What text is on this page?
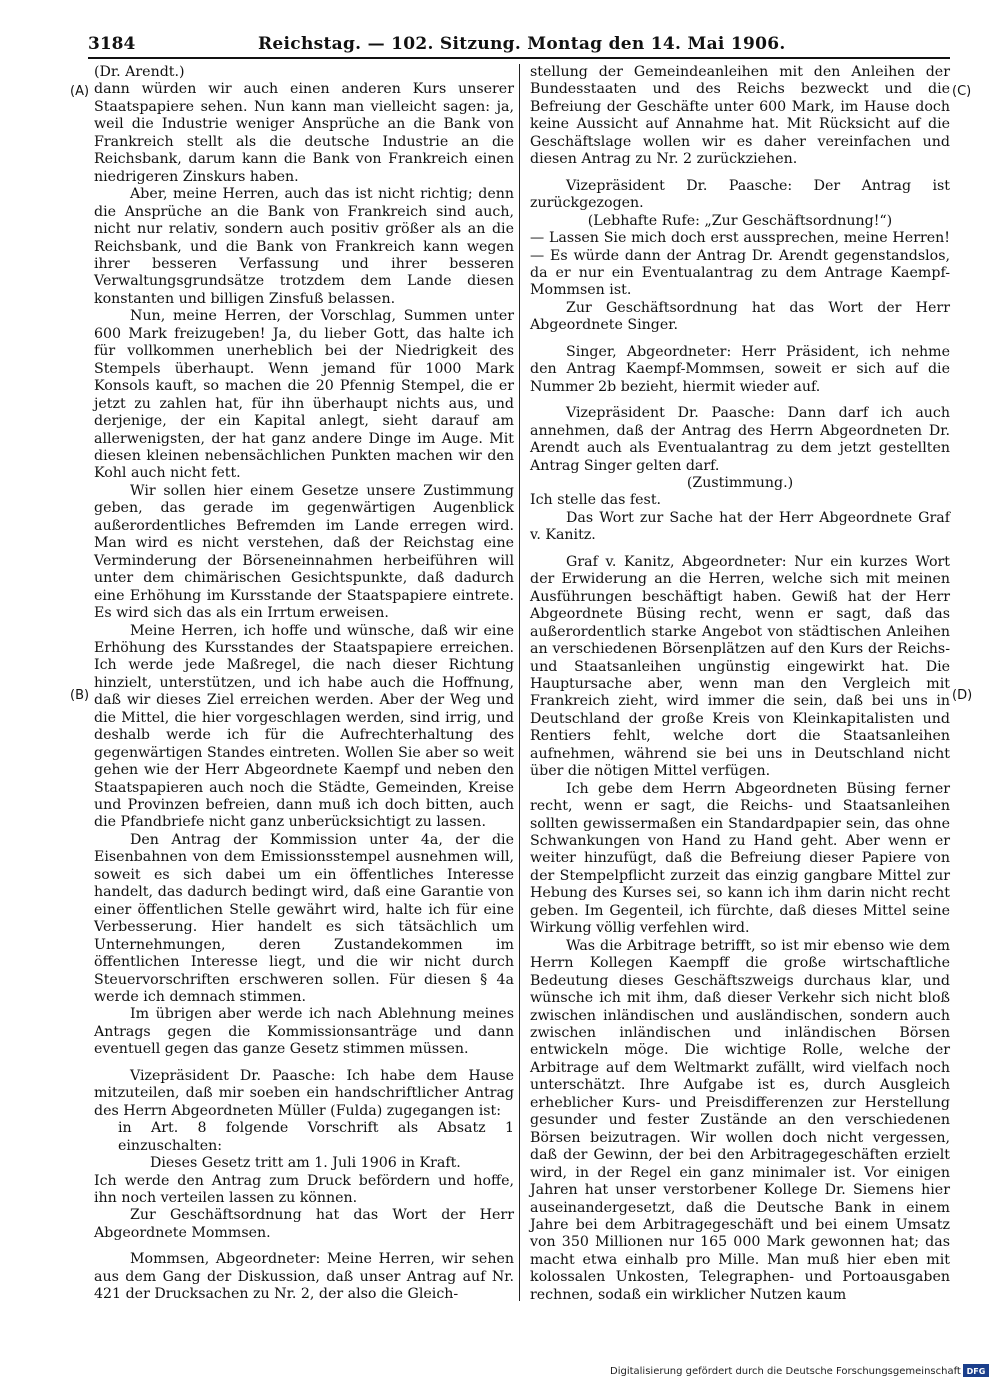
3184	Reichstag. — 102. Sitzung. Montag den 14. Mai 1906.
(A)
(B)
(C)
(D)

(Dr. Arendt.)

dann würden wir auch einen anderen Kurs unserer Staatspapiere sehen. Nun kann man vielleicht sagen: ja, weil die Industrie weniger Ansprüche an die Bank von Frankreich stellt als die deutsche Industrie an die Reichsbank, darum kann die Bank von Frankreich einen niedrigeren Zinskurs haben.

Aber, meine Herren, auch das ist nicht richtig; denn die Ansprüche an die Bank von Frankreich sind auch, nicht nur relativ, sondern auch positiv größer als an die Reichsbank, und die Bank von Frankreich kann wegen ihrer besseren Verfassung und ihrer besseren Verwaltungsgrundsätze trotzdem dem Lande diesen konstanten und billigen Zinsfuß belassen.

Nun, meine Herren, der Vorschlag, Summen unter 600 Mark freizugeben! Ja, du lieber Gott, das halte ich für vollkommen unerheblich bei der Niedrigkeit des Stempels überhaupt. Wenn jemand für 1000 Mark Konsols kauft, so machen die 20 Pfennig Stempel, die er jetzt zu zahlen hat, für ihn überhaupt nichts aus, und derjenige, der ein Kapital anlegt, sieht darauf am allerwenigsten, der hat ganz andere Dinge im Auge. Mit diesen kleinen nebensächlichen Punkten machen wir den Kohl auch nicht fett.

Wir sollen hier einem Gesetze unsere Zustimmung geben, das gerade im gegenwärtigen Augenblick außerordentliches Befremden im Lande erregen wird. Man wird es nicht verstehen, daß der Reichstag eine Verminderung der Börseneinnahmen herbeiführen will unter dem chimärischen Gesichtspunkte, daß dadurch eine Erhöhung im Kursstande der Staatspapiere eintrete. Es wird sich das als ein Irrtum erweisen.

Meine Herren, ich hoffe und wünsche, daß wir eine Erhöhung des Kursstandes der Staatspapiere erreichen. Ich werde jede Maßregel, die nach dieser Richtung hinzielt, unterstützen, und ich habe auch die Hoffnung, daß wir dieses Ziel erreichen werden. Aber der Weg und die Mittel, die hier vorgeschlagen werden, sind irrig, und deshalb werde ich für die Aufrechterhaltung des gegenwärtigen Standes eintreten. Wollen Sie aber so weit gehen wie der Herr Abgeordnete Kaempf und neben den Staatspapieren auch noch die Städte, Gemeinden, Kreise und Provinzen befreien, dann muß ich doch bitten, auch die Pfandbriefe nicht ganz unberücksichtigt zu lassen.

Den Antrag der Kommission unter 4a, der die Eisenbahnen von dem Emissionsstempel ausnehmen will, soweit es sich dabei um ein öffentliches Interesse handelt, das dadurch bedingt wird, daß eine Garantie von einer öffentlichen Stelle gewährt wird, halte ich für eine Verbesserung. Hier handelt es sich tätsächlich um Unternehmungen, deren Zustandekommen im öffentlichen Interesse liegt, und die wir nicht durch Steuervorschriften erschweren sollen. Für diesen § 4a werde ich demnach stimmen.

Im übrigen aber werde ich nach Ablehnung meines Antrags gegen die Kommissionsanträge und dann eventuell gegen das ganze Gesetz stimmen müssen.

Vizepräsident Dr. Paasche: Ich habe dem Hause mitzuteilen, daß mir soeben ein handschriftlicher Antrag des Herrn Abgeordneten Müller (Fulda) zugegangen ist:

in Art. 8 folgende Vorschrift als Absatz 1 einzuschalten:

Dieses Gesetz tritt am 1. Juli 1906 in Kraft.

Ich werde den Antrag zum Druck befördern und hoffe, ihn noch verteilen lassen zu können.

Zur Geschäftsordnung hat das Wort der Herr Abgeordnete Mommsen.

Mommsen, Abgeordneter: Meine Herren, wir sehen aus dem Gang der Diskussion, daß unser Antrag auf Nr. 421 der Drucksachen zu Nr. 2, der also die Gleich-

stellung der Gemeindeanleihen mit den Anleihen der Bundesstaaten und des Reichs bezweckt und die Befreiung der Geschäfte unter 600 Mark, im Hause doch keine Aussicht auf Annahme hat. Mit Rücksicht auf die Geschäftslage wollen wir es daher vereinfachen und diesen Antrag zu Nr. 2 zurückziehen.

Vizepräsident Dr. Paasche: Der Antrag ist zurückgezogen.

(Lebhafte Rufe: „Zur Geschäftsordnung!“)

— Lassen Sie mich doch erst aussprechen, meine Herren! — Es würde dann der Antrag Dr. Arendt gegenstandslos, da er nur ein Eventualantrag zu dem Antrage Kaempf-Mommsen ist.

Zur Geschäftsordnung hat das Wort der Herr Abgeordnete Singer.

Singer, Abgeordneter: Herr Präsident, ich nehme den Antrag Kaempf-Mommsen, soweit er sich auf die Nummer 2b bezieht, hiermit wieder auf.

Vizepräsident Dr. Paasche: Dann darf ich auch annehmen, daß der Antrag des Herrn Abgeordneten Dr. Arendt auch als Eventualantrag zu dem jetzt gestellten Antrag Singer gelten darf.

(Zustimmung.)

Ich stelle das fest.

Das Wort zur Sache hat der Herr Abgeordnete Graf v. Kanitz.

Graf v. Kanitz, Abgeordneter: Nur ein kurzes Wort der Erwiderung an die Herren, welche sich mit meinen Ausführungen beschäftigt haben. Gewiß hat der Herr Abgeordnete Büsing recht, wenn er sagt, daß das außerordentlich starke Angebot von städtischen Anleihen an verschiedenen Börsenplätzen auf den Kurs der Reichs- und Staatsanleihen ungünstig eingewirkt hat. Die Hauptursache aber, wenn man den Vergleich mit Frankreich zieht, wird immer die sein, daß bei uns in Deutschland der große Kreis von Kleinkapitalisten und Rentiers fehlt, welche dort die Staatsanleihen aufnehmen, während sie bei uns in Deutschland nicht über die nötigen Mittel verfügen.

Ich gebe dem Herrn Abgeordneten Büsing ferner recht, wenn er sagt, die Reichs- und Staatsanleihen sollten gewissermaßen ein Standardpapier sein, das ohne Schwankungen von Hand zu Hand geht. Aber wenn er weiter hinzufügt, daß die Befreiung dieser Papiere von der Stempelpflicht zurzeit das einzig gangbare Mittel zur Hebung des Kurses sei, so kann ich ihm darin nicht recht geben. Im Gegenteil, ich fürchte, daß dieses Mittel seine Wirkung völlig verfehlen wird.

Was die Arbitrage betrifft, so ist mir ebenso wie dem Herrn Kollegen Kaempff die große wirtschaftliche Bedeutung dieses Geschäftszweigs durchaus klar, und wünsche ich mit ihm, daß dieser Verkehr sich nicht bloß zwischen inländischen und ausländischen, sondern auch zwischen inländischen und inländischen Börsen entwickeln möge. Die wichtige Rolle, welche der Arbitrage auf dem Weltmarkt zufällt, wird vielfach noch unterschätzt. Ihre Aufgabe ist es, durch Ausgleich erheblicher Kurs- und Preisdifferenzen zur Herstellung gesunder und fester Zustände an den verschiedenen Börsen beizutragen. Wir wollen doch nicht vergessen, daß der Gewinn, der bei den Arbitragegeschäften erzielt wird, in der Regel ein ganz minimaler ist. Vor einigen Jahren hat unser verstorbener Kollege Dr. Siemens hier auseinandergesetzt, daß die Deutsche Bank in einem Jahre bei dem Arbitragegeschäft und bei einem Umsatz von 350 Millionen nur 165 000 Mark gewonnen hat; das macht etwa einhalb pro Mille. Man muß hier eben mit kolossalen Unkosten, Telegraphen- und Portoausgaben rechnen, sodaß ein wirklicher Nutzen kaum

Digitalisierung gefördert durch die Deutsche Forschungsgemeinschaft DFG
